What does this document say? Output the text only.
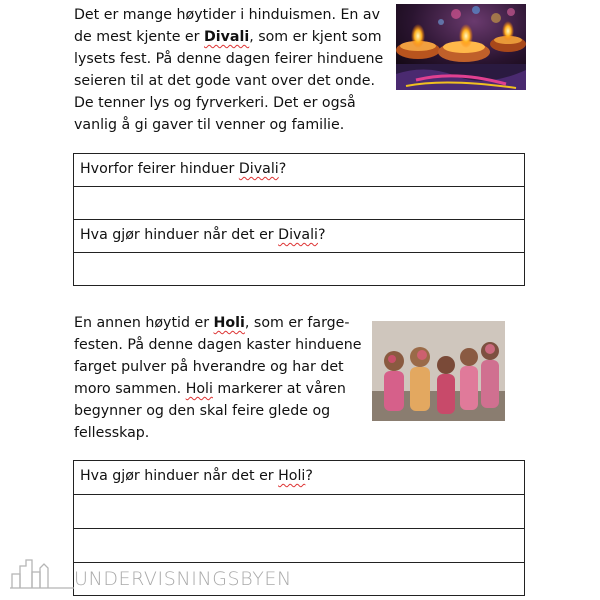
Det er mange høytider i hinduismen. En av
de mest kjente er Divali, som er kjent som
lysets fest. På denne dagen feirer hinduene
seieren til at det gode vant over det onde.
De tenner lys og fyrverkeri. Det er også
vanlig å gi gaver til venner og familie.
Hvorfor feirer hinduer Divali?
Hva gjør hinduer når det er Divali?
En annen høytid er Holi, som er farge-
festen. På denne dagen kaster hinduene
farget pulver på hverandre og har det
moro sammen. Holi markerer at våren
begynner og den skal feire glede og
fellesskap.
Hva gjør hinduer når det er Holi?
UNDERVISNINGSBYEN
